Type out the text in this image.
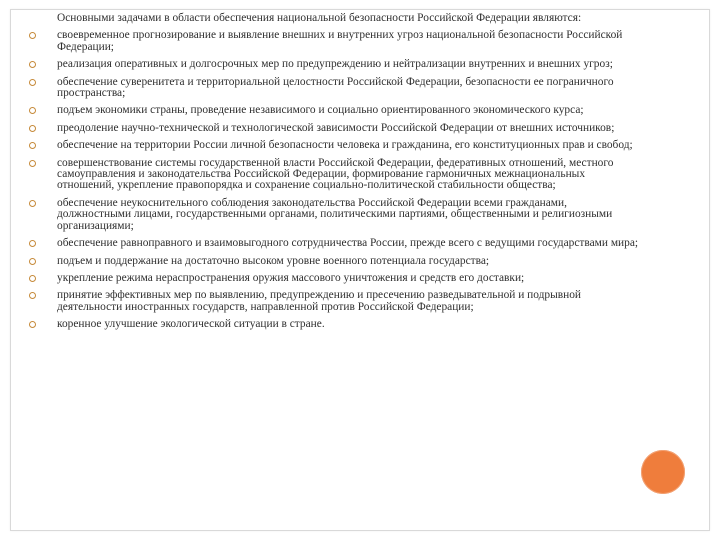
Основными задачами в области обеспечения национальной безопасности Российской Федерации являются:
своевременное прогнозирование и выявление внешних и внутренних угроз национальной безопасности Российской Федерации;
реализация оперативных и долгосрочных мер по предупреждению и нейтрализации внутренних и внешних угроз;
обеспечение суверенитета и территориальной целостности Российской Федерации, безопасности ее пограничного пространства;
подъем экономики страны, проведение независимого и социально ориентированного экономического курса;
преодоление научно-технической и технологической зависимости Российской Федерации от внешних источников;
обеспечение на территории России личной безопасности человека и гражданина, его конституционных прав и свобод;
совершенствование системы государственной власти Российской Федерации, федеративных отношений, местного самоуправления и законодательства Российской Федерации, формирование гармоничных межнациональных отношений, укрепление правопорядка и сохранение социально-политической стабильности общества;
обеспечение неукоснительного соблюдения законодательства Российской Федерации всеми гражданами, должностными лицами, государственными органами, политическими партиями, общественными и религиозными организациями;
обеспечение равноправного и взаимовыгодного сотрудничества России, прежде всего с ведущими государствами мира;
подъем и поддержание на достаточно высоком уровне военного потенциала государства;
укрепление режима нераспространения оружия массового уничтожения и средств его доставки;
принятие эффективных мер по выявлению, предупреждению и пресечению разведывательной и подрывной деятельности иностранных государств, направленной против Российской Федерации;
коренное улучшение экологической ситуации в стране.
